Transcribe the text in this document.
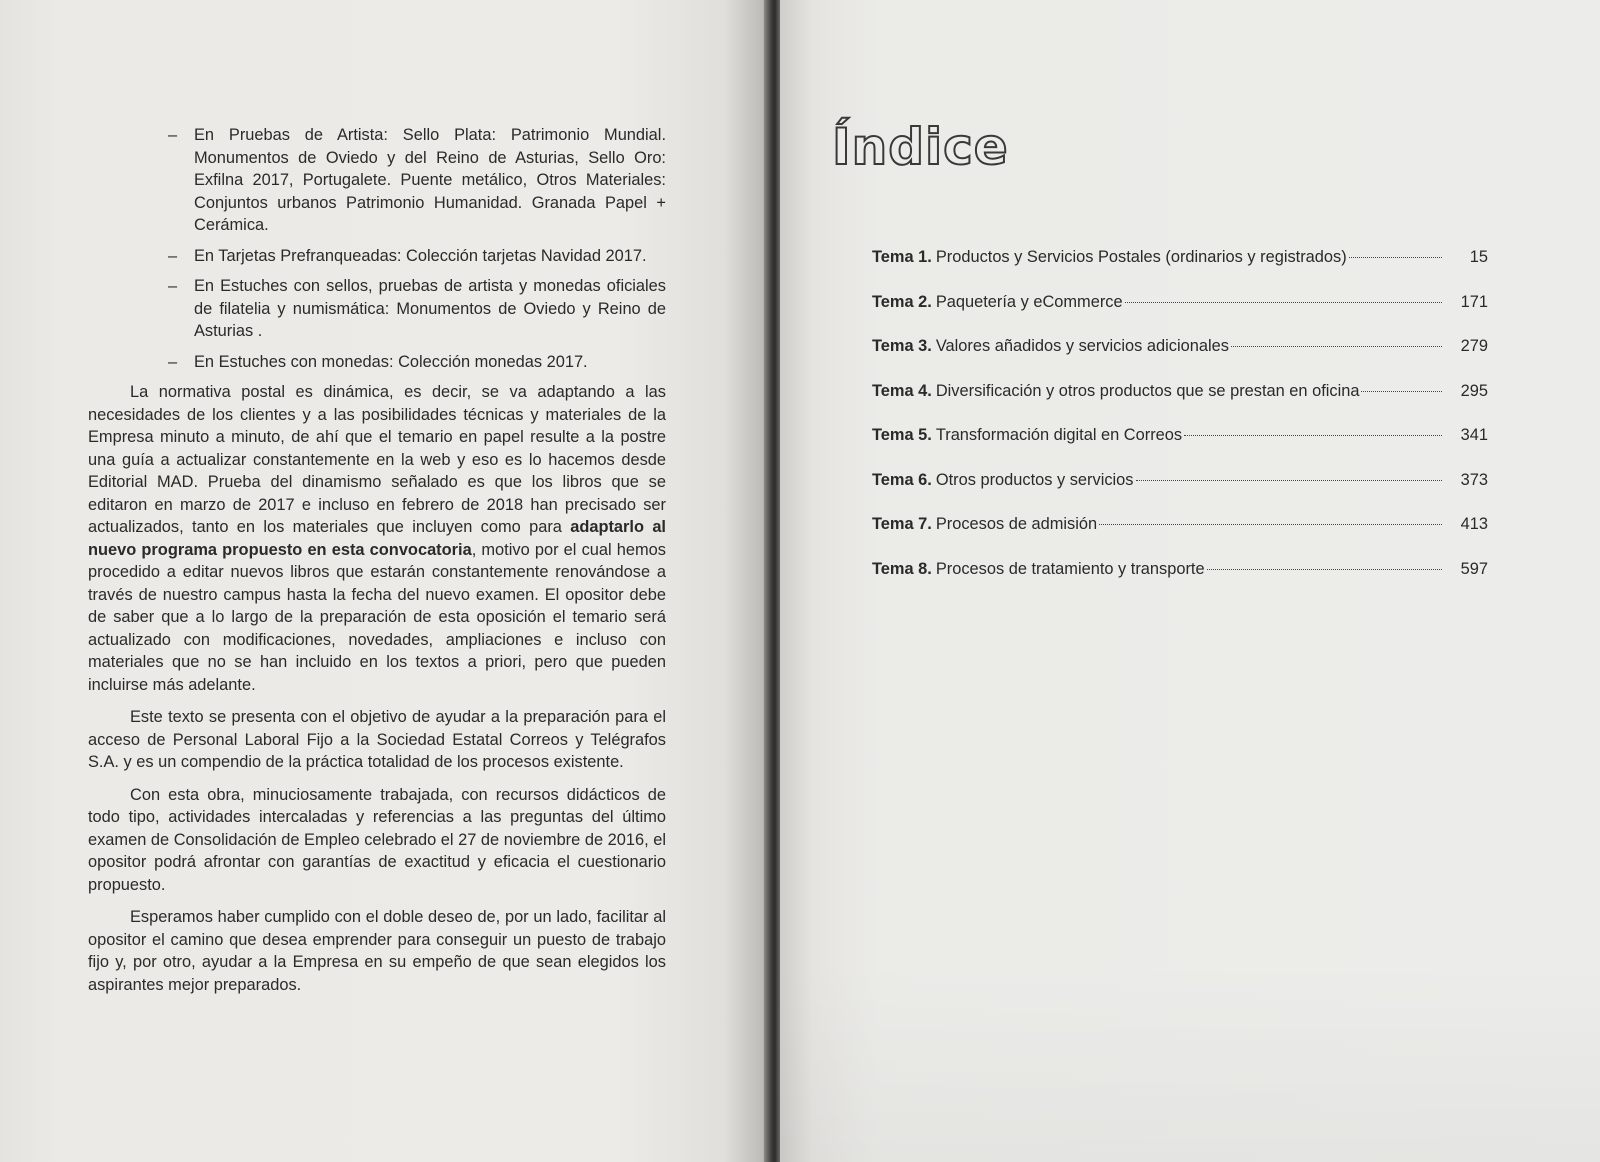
– En Pruebas de Artista: Sello Plata: Patrimonio Mundial. Monumentos de Oviedo y del Reino de Asturias, Sello Oro: Exfilna 2017, Portugalete. Puente metálico, Otros Materiales: Conjuntos urbanos Patrimonio Humanidad. Granada Papel + Cerámica.
– En Tarjetas Prefranqueadas: Colección tarjetas Navidad 2017.
– En Estuches con sellos, pruebas de artista y monedas oficiales de filatelia y numismática: Monumentos de Oviedo y Reino de Asturias .
– En Estuches con monedas: Colección monedas 2017.

La normativa postal es dinámica, es decir, se va adaptando a las necesidades de los clientes y a las posibilidades técnicas y materiales de la Empresa minuto a minuto, de ahí que el temario en papel resulte a la postre una guía a actualizar constantemente en la web y eso es lo hacemos desde Editorial MAD. Prueba del dinamismo señalado es que los libros que se editaron en marzo de 2017 e incluso en febrero de 2018 han precisado ser actualizados, tanto en los materiales que incluyen como para adaptarlo al nuevo programa propuesto en esta convocatoria, motivo por el cual hemos procedido a editar nuevos libros que estarán constantemente renovándose a través de nuestro campus hasta la fecha del nuevo examen. El opositor debe de saber que a lo largo de la preparación de esta oposición el temario será actualizado con modificaciones, novedades, ampliaciones e incluso con materiales que no se han incluido en los textos a priori, pero que pueden incluirse más adelante.

Este texto se presenta con el objetivo de ayudar a la preparación para el acceso de Personal Laboral Fijo a la Sociedad Estatal Correos y Telégrafos S.A. y es un compendio de la práctica totalidad de los procesos existente.

Con esta obra, minuciosamente trabajada, con recursos didácticos de todo tipo, actividades intercaladas y referencias a las preguntas del último examen de Consolidación de Empleo celebrado el 27 de noviembre de 2016, el opositor podrá afrontar con garantías de exactitud y eficacia el cuestionario propuesto.

Esperamos haber cumplido con el doble deseo de, por un lado, facilitar al opositor el camino que desea emprender para conseguir un puesto de trabajo fijo y, por otro, ayudar a la Empresa en su empeño de que sean elegidos los aspirantes mejor preparados.

Índice
Tema 1. Productos y Servicios Postales (ordinarios y registrados)	15
Tema 2. Paquetería y eCommerce	171
Tema 3. Valores añadidos y servicios adicionales	279
Tema 4. Diversificación y otros productos que se prestan en oficina	295
Tema 5. Transformación digital en Correos	341
Tema 6. Otros productos y servicios	373
Tema 7. Procesos de admisión	413
Tema 8. Procesos de tratamiento y transporte	597
